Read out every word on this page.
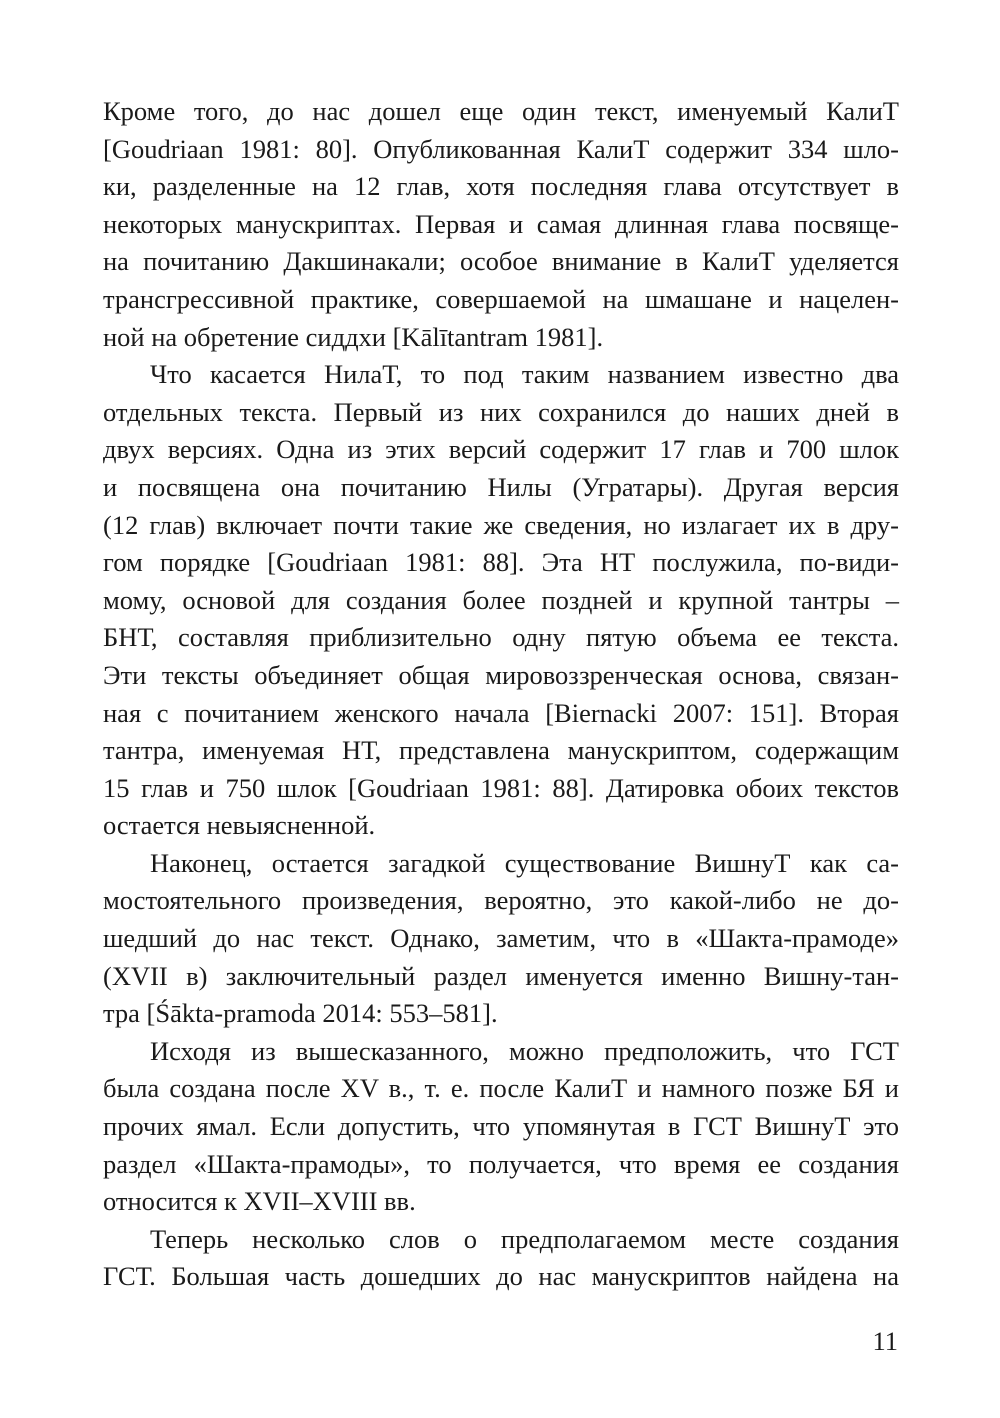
Кроме того, до нас дошел еще один текст, именуемый КалиТ
[Goudriaan 1981: 80]. Опубликованная КалиТ содержит 334 шло-
ки, разделенные на 12 глав, хотя последняя глава отсутствует в
некоторых манускриптах. Первая и самая длинная глава посвяще-
на почитанию Дакшинакали; особое внимание в КалиТ уделяется
трансгрессивной практике, совершаемой на шмашане и нацелен-
ной на обретение сиддхи [Kālītantram 1981].
Что касается НилаТ, то под таким названием известно два
отдельных текста. Первый из них сохранился до наших дней в
двух версиях. Одна из этих версий содержит 17 глав и 700 шлок
и посвящена она почитанию Нилы (Угратары). Другая версия
(12 глав) включает почти такие же сведения, но излагает их в дру-
гом порядке [Goudriaan 1981: 88]. Эта НТ послужила, по-види-
мому, основой для создания более поздней и крупной тантры –
БНТ, составляя приблизительно одну пятую объема ее текста.
Эти тексты объединяет общая мировоззренческая основа, связан-
ная с почитанием женского начала [Biernacki 2007: 151]. Вторая
тантра, именуемая НТ, представлена манускриптом, содержащим
15 глав и 750 шлок [Goudriaan 1981: 88]. Датировка обоих текстов
остается невыясненной.
Наконец, остается загадкой существование ВишнуТ как са-
мостоятельного произведения, вероятно, это какой-либо не до-
шедший до нас текст. Однако, заметим, что в «Шакта-прамоде»
(XVII в) заключительный раздел именуется именно Вишну-тан-
тра [Śākta-pramoda 2014: 553–581].
Исходя из вышесказанного, можно предположить, что ГСТ
была создана после XV в., т. е. после КалиТ и намного позже БЯ и
прочих ямал. Если допустить, что упомянутая в ГСТ ВишнуТ это
раздел «Шакта-прамоды», то получается, что время ее создания
относится к XVII–XVIII вв.
Теперь несколько слов о предполагаемом месте создания
ГСТ. Большая часть дошедших до нас манускриптов найдена на
11
